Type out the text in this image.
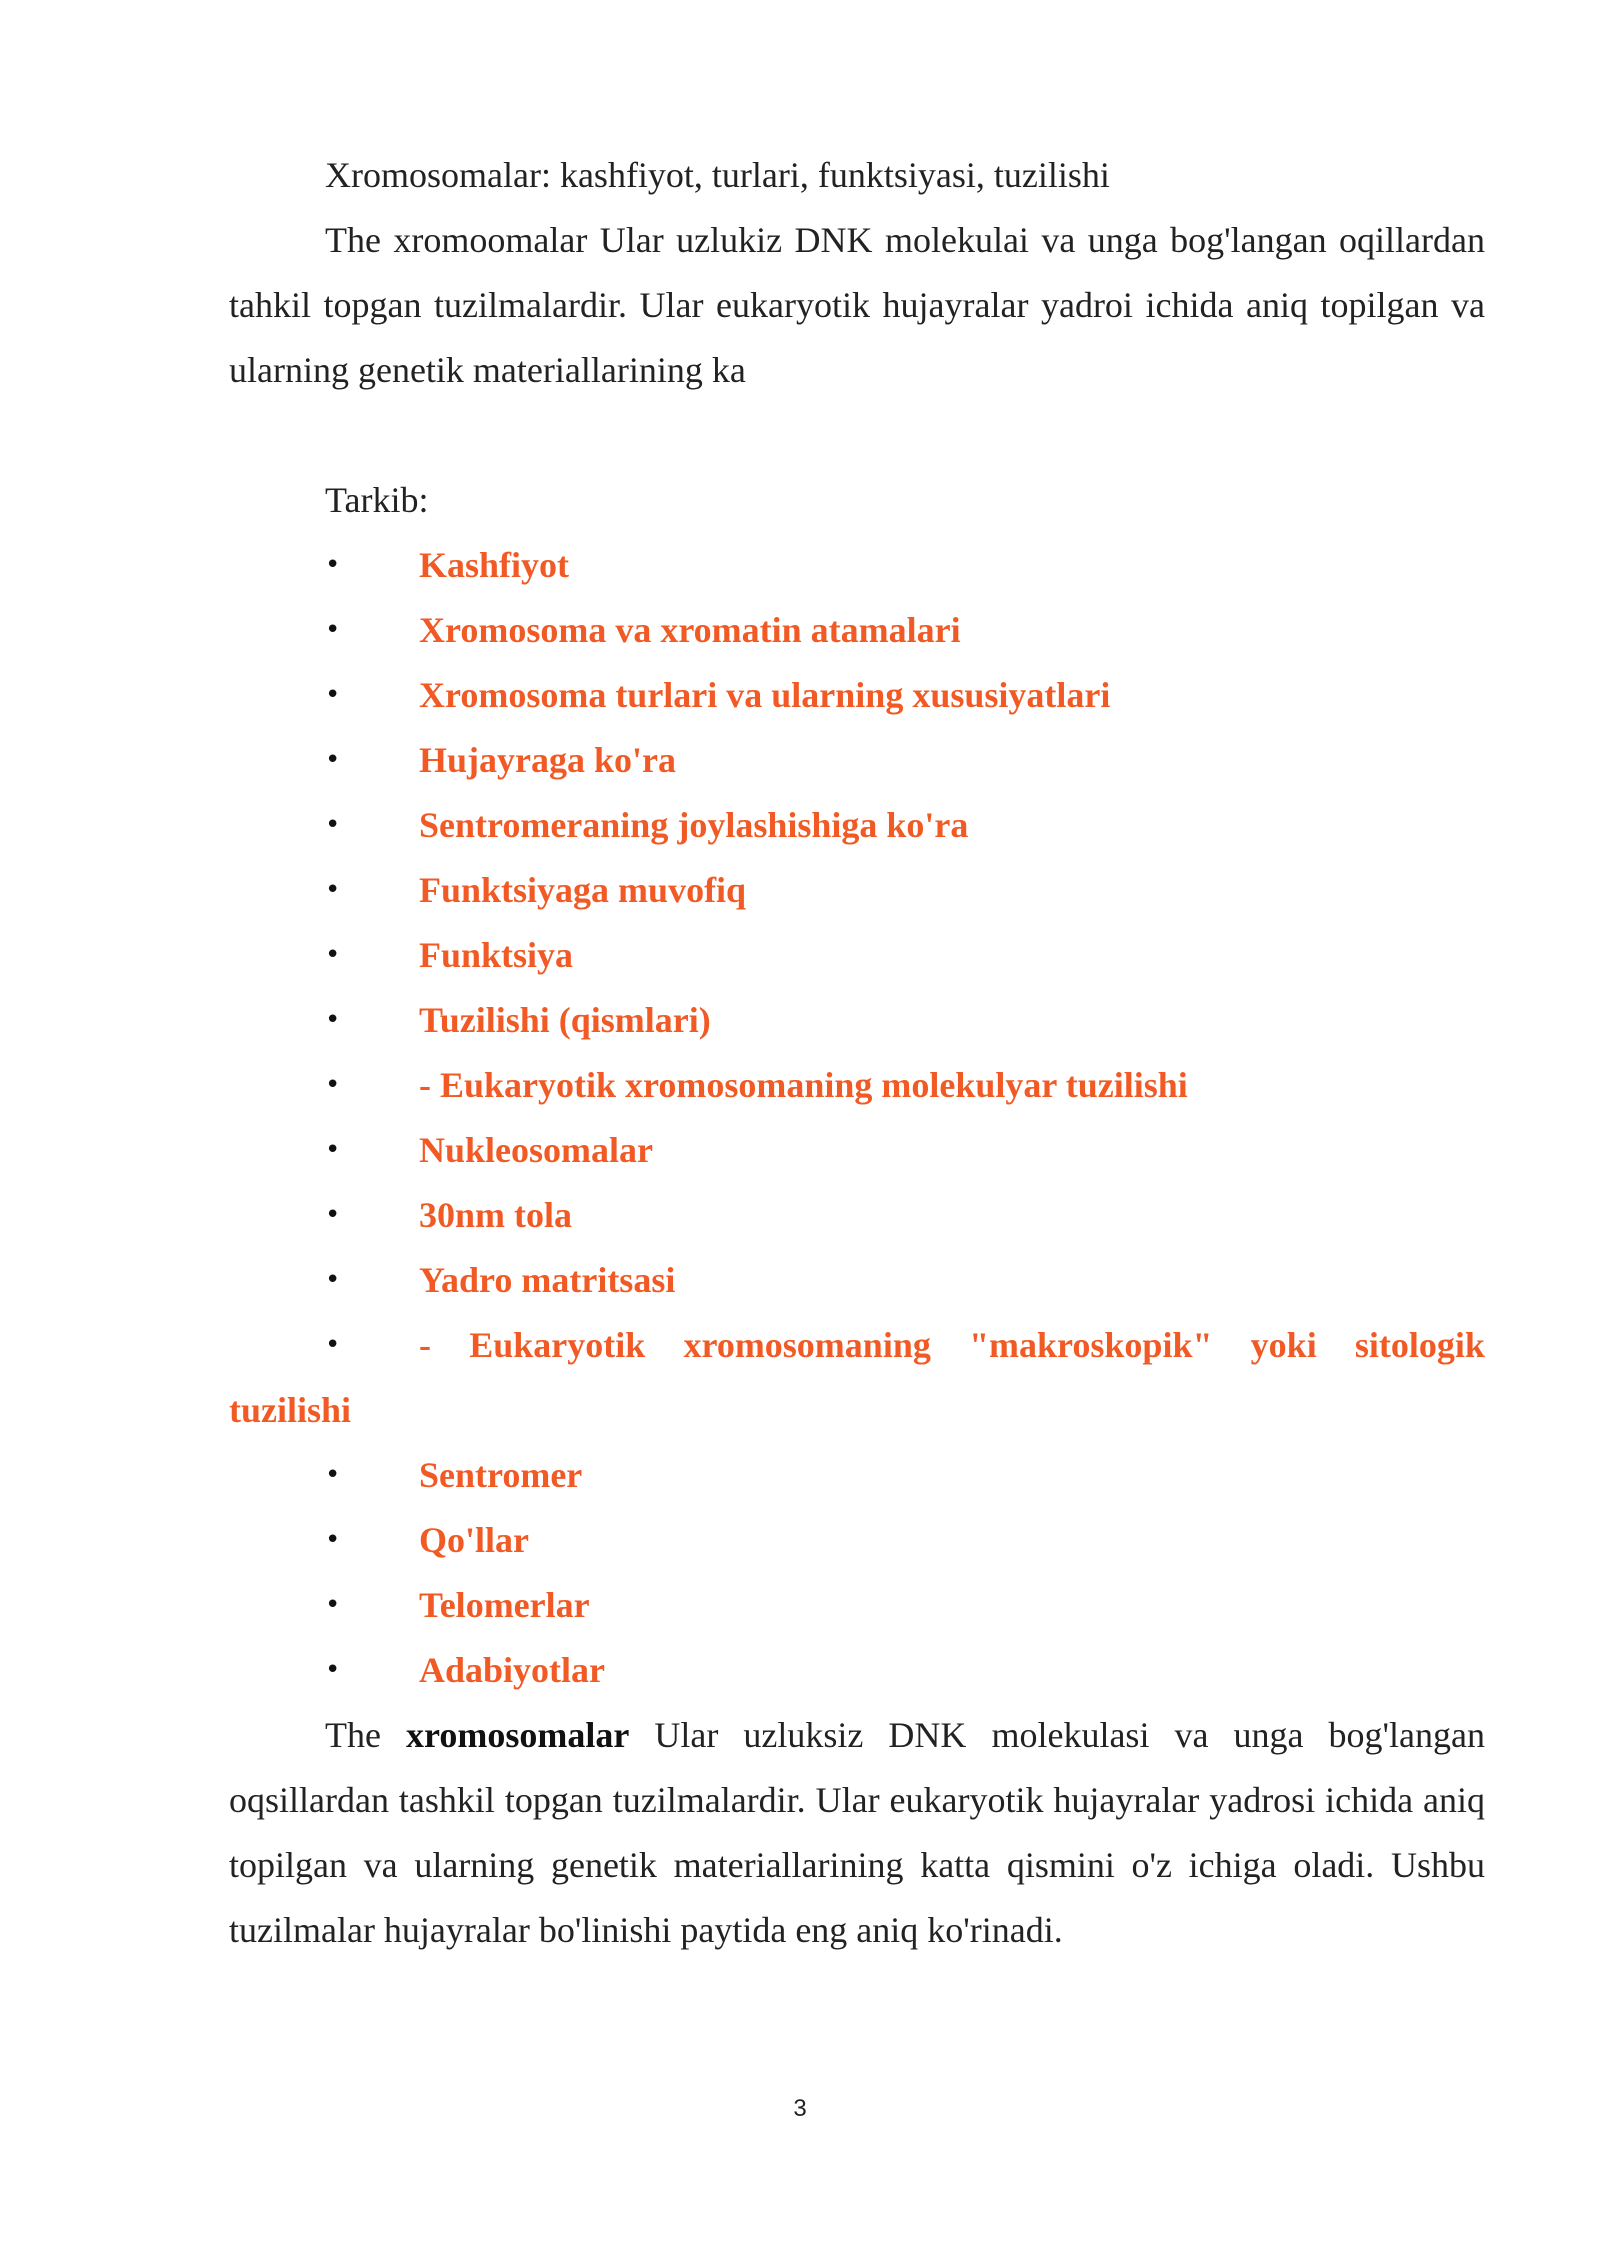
Xromosomalar: kashfiyot, turlari, funktsiyasi, tuzilishi

The xromoomalar Ular uzlukiz DNK molekulai va unga bog'langan oqillardan tahkil topgan tuzilmalardir. Ular eukaryotik hujayralar yadroi ichida aniq topilgan va ularning genetik materiallarining ka

Tarkib:

• Kashfiyot
• Xromosoma va xromatin atamalari
• Xromosoma turlari va ularning xususiyatlari
• Hujayraga ko'ra
• Sentromeraning joylashishiga ko'ra
• Funktsiyaga muvofiq
• Funktsiya
• Tuzilishi (qismlari)
• - Eukaryotik xromosomaning molekulyar tuzilishi
• Nukleosomalar
• 30nm tola
• Yadro matritsasi
• - Eukaryotik xromosomaning "makroskopik" yoki sitologik
tuzilishi
• Sentromer
• Qo'llar
• Telomerlar
• Adabiyotlar

The xromosomalar Ular uzluksiz DNK molekulasi va unga bog'langan oqsillardan tashkil topgan tuzilmalardir. Ular eukaryotik hujayralar yadrosi ichida aniq topilgan va ularning genetik materiallarining katta qismini o'z ichiga oladi. Ushbu tuzilmalar hujayralar bo'linishi paytida eng aniq ko'rinadi.

3
